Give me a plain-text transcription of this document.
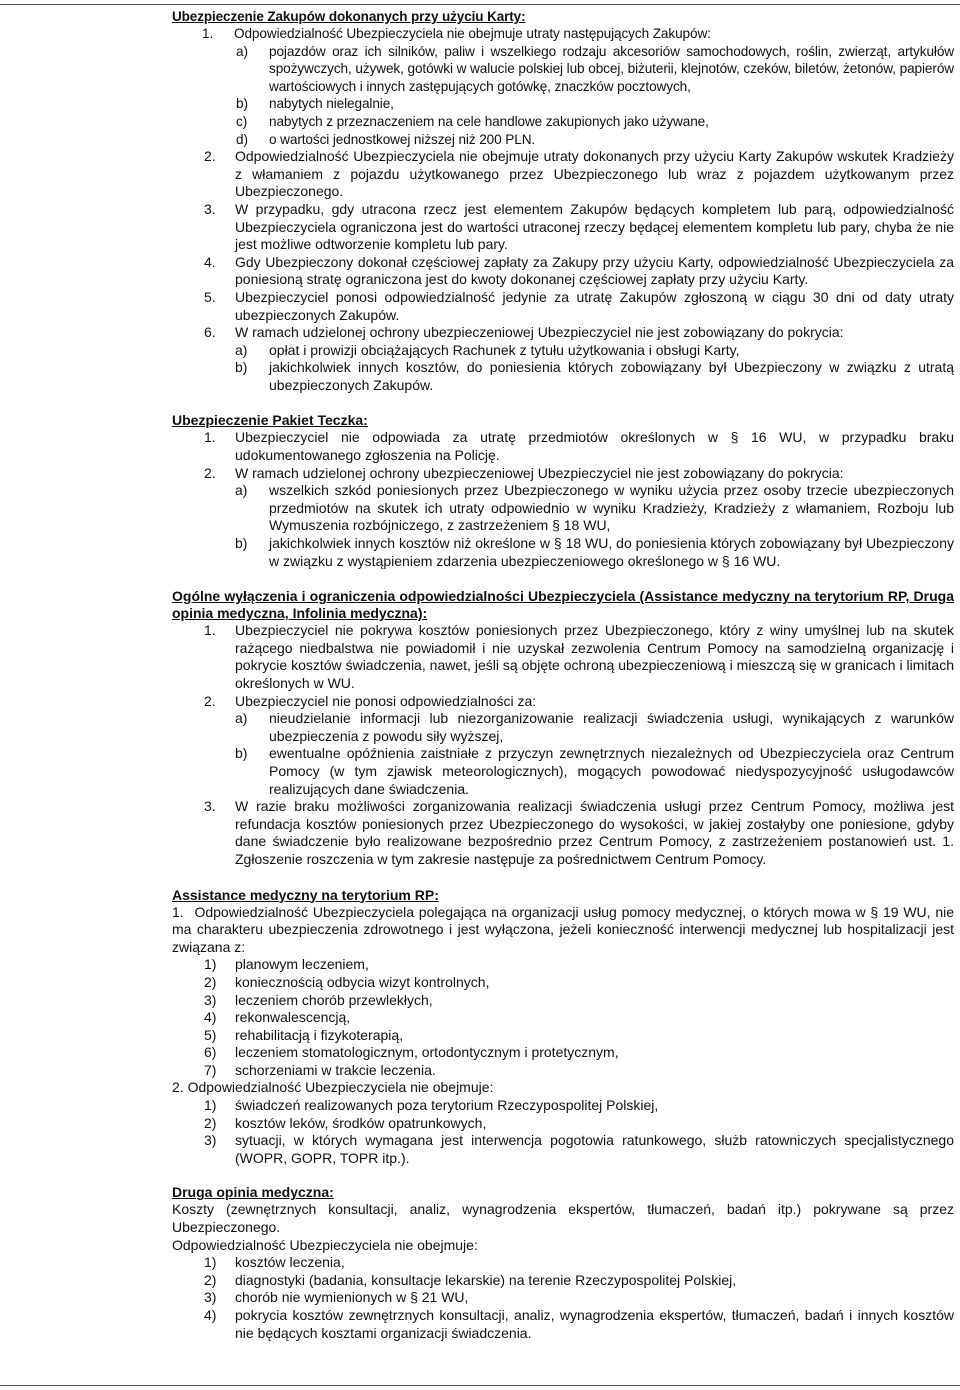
Ubezpieczenie Zakupów dokonanych przy użyciu Karty:
1.	Odpowiedzialność Ubezpieczyciela nie obejmuje utraty następujących Zakupów:
a)	pojazdów oraz ich silników, paliw i wszelkiego rodzaju akcesoriów samochodowych, roślin, zwierząt, artykułów spożywczych, używek, gotówki w walucie polskiej lub obcej, biżuterii, klejnotów, czeków, biletów, żetonów, papierów wartościowych i innych zastępujących gotówkę, znaczków pocztowych,
b)	nabytych nielegalnie,
c)	nabytych z przeznaczeniem na cele handlowe zakupionych jako używane,
d)	o wartości jednostkowej niższej niż 200 PLN.
2.	Odpowiedzialność Ubezpieczyciela nie obejmuje utraty dokonanych przy użyciu Karty Zakupów wskutek Kradzieży z włamaniem z pojazdu użytkowanego przez Ubezpieczonego lub wraz z pojazdem użytkowanym przez Ubezpieczonego.
3.	W przypadku, gdy utracona rzecz jest elementem Zakupów będących kompletem lub parą, odpowiedzialność Ubezpieczyciela ograniczona jest do wartości utraconej rzeczy będącej elementem kompletu lub pary, chyba że nie jest możliwe odtworzenie kompletu lub pary.
4.	Gdy Ubezpieczony dokonał częściowej zapłaty za Zakupy przy użyciu Karty, odpowiedzialność Ubezpieczyciela za poniesioną stratę ograniczona jest do kwoty dokonanej częściowej zapłaty przy użyciu Karty.
5.	Ubezpieczyciel ponosi odpowiedzialność jedynie za utratę Zakupów zgłoszoną w ciągu 30 dni od daty utraty ubezpieczonych Zakupów.
6.	W ramach udzielonej ochrony ubezpieczeniowej Ubezpieczyciel nie jest zobowiązany do pokrycia:
a)	opłat i prowizji obciążających Rachunek z tytułu użytkowania i obsługi Karty,
b)	jakichkolwiek innych kosztów, do poniesienia których zobowiązany był Ubezpieczony w związku z utratą ubezpieczonych Zakupów.
Ubezpieczenie Pakiet Teczka:
1.	Ubezpieczyciel nie odpowiada za utratę przedmiotów określonych w § 16 WU, w przypadku braku udokumentowanego zgłoszenia na Policję.
2.	W ramach udzielonej ochrony ubezpieczeniowej Ubezpieczyciel nie jest zobowiązany do pokrycia:
a)	wszelkich szkód poniesionych przez Ubezpieczonego w wyniku użycia przez osoby trzecie ubezpieczonych przedmiotów na skutek ich utraty odpowiednio w wyniku Kradzieży, Kradzieży z włamaniem, Rozboju lub Wymuszenia rozbójniczego, z zastrzeżeniem § 18 WU,
b)	jakichkolwiek innych kosztów niż określone w § 18 WU, do poniesienia których zobowiązany był Ubezpieczony w związku z wystąpieniem zdarzenia ubezpieczeniowego określonego w § 16 WU.
Ogólne wyłączenia i ograniczenia odpowiedzialności Ubezpieczyciela (Assistance medyczny na terytorium RP, Druga opinia medyczna, Infolinia medyczna):
1.	Ubezpieczyciel nie pokrywa kosztów poniesionych przez Ubezpieczonego, który z winy umyślnej lub na skutek rażącego niedbalstwa nie powiadomił i nie uzyskał zezwolenia Centrum Pomocy na samodzielną organizację i pokrycie kosztów świadczenia, nawet, jeśli są objęte ochroną ubezpieczeniową i mieszczą się w granicach i limitach określonych w WU.
2.	Ubezpieczyciel nie ponosi odpowiedzialności za:
a)	nieudzielanie informacji lub niezorganizowanie realizacji świadczenia usługi, wynikających z warunków ubezpieczenia z powodu siły wyższej,
b)	ewentualne opóźnienia zaistniałe z przyczyn zewnętrznych niezależnych od Ubezpieczyciela oraz Centrum Pomocy (w tym zjawisk meteorologicznych), mogących powodować niedyspozycyjność usługodawców realizujących dane świadczenia.
3.	W razie braku możliwości zorganizowania realizacji świadczenia usługi przez Centrum Pomocy, możliwa jest refundacja kosztów poniesionych przez Ubezpieczonego do wysokości, w jakiej zostałyby one poniesione, gdyby dane świadczenie było realizowane bezpośrednio przez Centrum Pomocy, z zastrzeżeniem postanowień ust. 1. Zgłoszenie roszczenia w tym zakresie następuje za pośrednictwem Centrum Pomocy.
Assistance medyczny na terytorium RP:
1. Odpowiedzialność Ubezpieczyciela polegająca na organizacji usług pomocy medycznej, o których mowa w § 19 WU, nie ma charakteru ubezpieczenia zdrowotnego i jest wyłączona, jeżeli konieczność interwencji medycznej lub hospitalizacji jest związana z:
1)	planowym leczeniem,
2)	koniecznością odbycia wizyt kontrolnych,
3)	leczeniem chorób przewlekłych,
4)	rekonwalescencją,
5)	rehabilitacją i fizykoterapią,
6)	leczeniem stomatologicznym, ortodontycznym i protetycznym,
7)	schorzeniami w trakcie leczenia.
2. Odpowiedzialność Ubezpieczyciela nie obejmuje:
1)	świadczeń realizowanych poza terytorium Rzeczypospolitej Polskiej,
2)	kosztów leków, środków opatrunkowych,
3)	sytuacji, w których wymagana jest interwencja pogotowia ratunkowego, służb ratowniczych specjalistycznego (WOPR, GOPR, TOPR itp.).
Druga opinia medyczna:
Koszty (zewnętrznych konsultacji, analiz, wynagrodzenia ekspertów, tłumaczeń, badań itp.) pokrywane są przez Ubezpieczonego.
Odpowiedzialność Ubezpieczyciela nie obejmuje:
1)	kosztów leczenia,
2)	diagnostyki (badania, konsultacje lekarskie) na terenie Rzeczypospolitej Polskiej,
3)	chorób nie wymienionych w § 21 WU,
4)	pokrycia kosztów zewnętrznych konsultacji, analiz, wynagrodzenia ekspertów, tłumaczeń, badań i innych kosztów nie będących kosztami organizacji świadczenia.
